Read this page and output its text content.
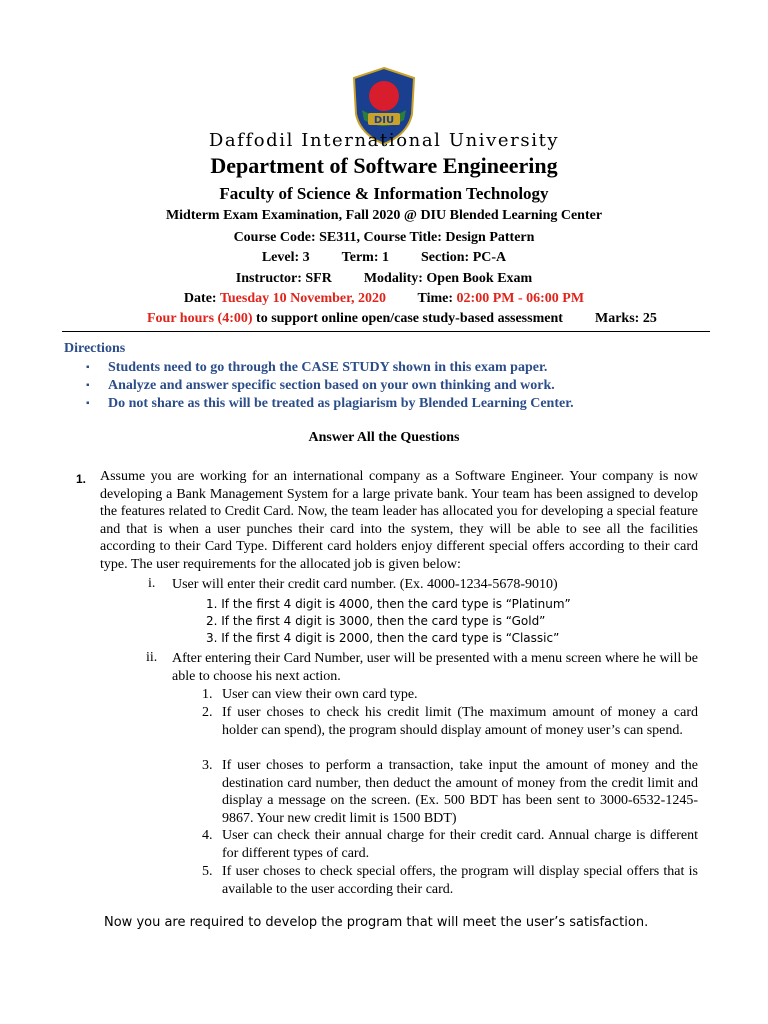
DIU
Daffodil International University
Department of Software Engineering
Faculty of Science & Information Technology
Midterm Exam Examination, Fall 2020 @ DIU Blended Learning Center
Course Code: SE311, Course Title: Design Pattern
Level: 3 Term: 1 Section: PC-A
Instructor: SFR Modality: Open Book Exam
Date: Tuesday 10 November, 2020 Time: 02:00 PM - 06:00 PM
Four hours (4:00) to support online open/case study-based assessment Marks: 25
Directions
▪ Students need to go through the CASE STUDY shown in this exam paper.
▪ Analyze and answer specific section based on your own thinking and work.
▪ Do not share as this will be treated as plagiarism by Blended Learning Center.
Answer All the Questions
1. Assume you are working for an international company as a Software Engineer. Your company is now developing a Bank Management System for a large private bank. Your team has been assigned to develop the features related to Credit Card. Now, the team leader has allocated you for developing a special feature and that is when a user punches their card into the system, they will be able to see all the facilities according to their Card Type. Different card holders enjoy different special offers according to their card type. The user requirements for the allocated job is given below:
i. User will enter their credit card number. (Ex. 4000-1234-5678-9010)
1. If the first 4 digit is 4000, then the card type is “Platinum”
2. If the first 4 digit is 3000, then the card type is “Gold”
3. If the first 4 digit is 2000, then the card type is “Classic”
ii. After entering their Card Number, user will be presented with a menu screen where he will be able to choose his next action.
1. User can view their own card type.
2. If user choses to check his credit limit (The maximum amount of money a card holder can spend), the program should display amount of money user’s can spend.
3. If user choses to perform a transaction, take input the amount of money and the destination card number, then deduct the amount of money from the credit limit and display a message on the screen. (Ex. 500 BDT has been sent to 3000-6532-1245-9867. Your new credit limit is 1500 BDT)
4. User can check their annual charge for their credit card. Annual charge is different for different types of card.
5. If user choses to check special offers, the program will display special offers that is available to the user according their card.
Now you are required to develop the program that will meet the user’s satisfaction.
